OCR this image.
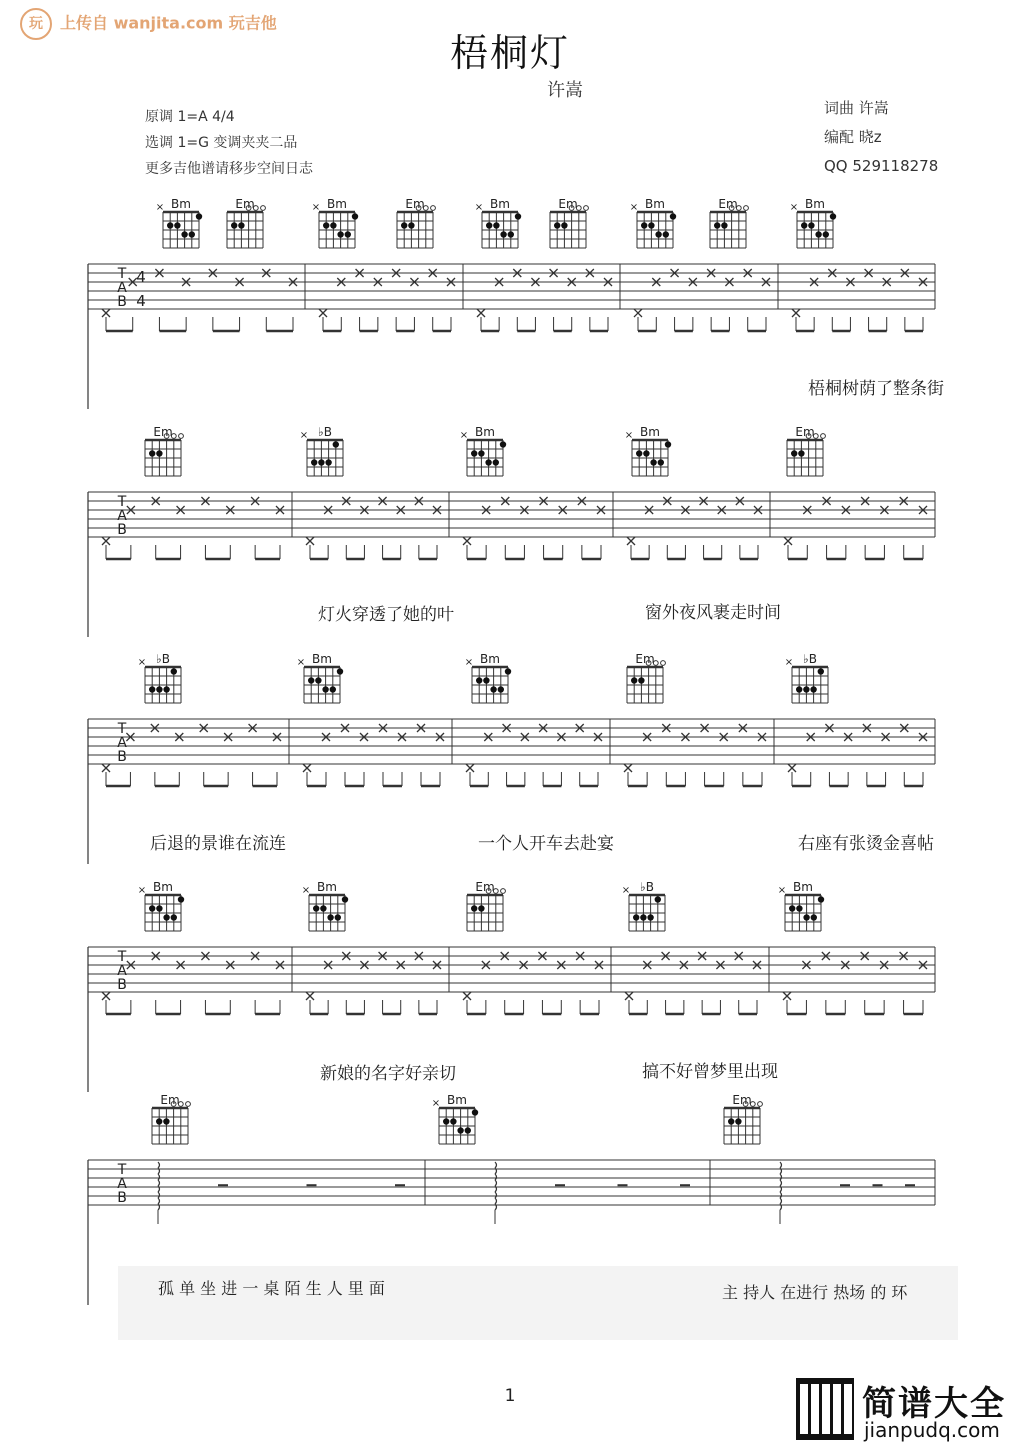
玩 上传自 wanjita.com 玩吉他
梧桐灯
许嵩
原调 1=A 4/4
选调 1=G 变调夹夹二品
更多吉他谱请移步空间日志
词曲 许嵩
编配 晓z
QQ 529118278
T
A
B
4
4
Bm
×	Em	Bm
×	Em	Bm
×	Em	Bm
×	Em	Bm
×
T
A
B
Em	♭B
×	Bm
×	Bm
×	Em
T
A
B
♭B
×	Bm
×	Bm
×	Em	♭B
×
T
A
B
Bm
×	Bm
×	Em	♭B
×	Bm
×
T
A
B
Em	Bm
×	Em
梧桐树荫了整条街
灯火穿透了她的叶	窗外夜风裹走时间
后退的景谁在流连	一个人开车去赴宴	右座有张烫金喜帖
新娘的名字好亲切	搞不好曾梦里出现
孤 单 坐 进 一 桌 陌 生 人 里 面	主 持人 在进行 热场 的 环
1	简谱大全
jianpudq.com
